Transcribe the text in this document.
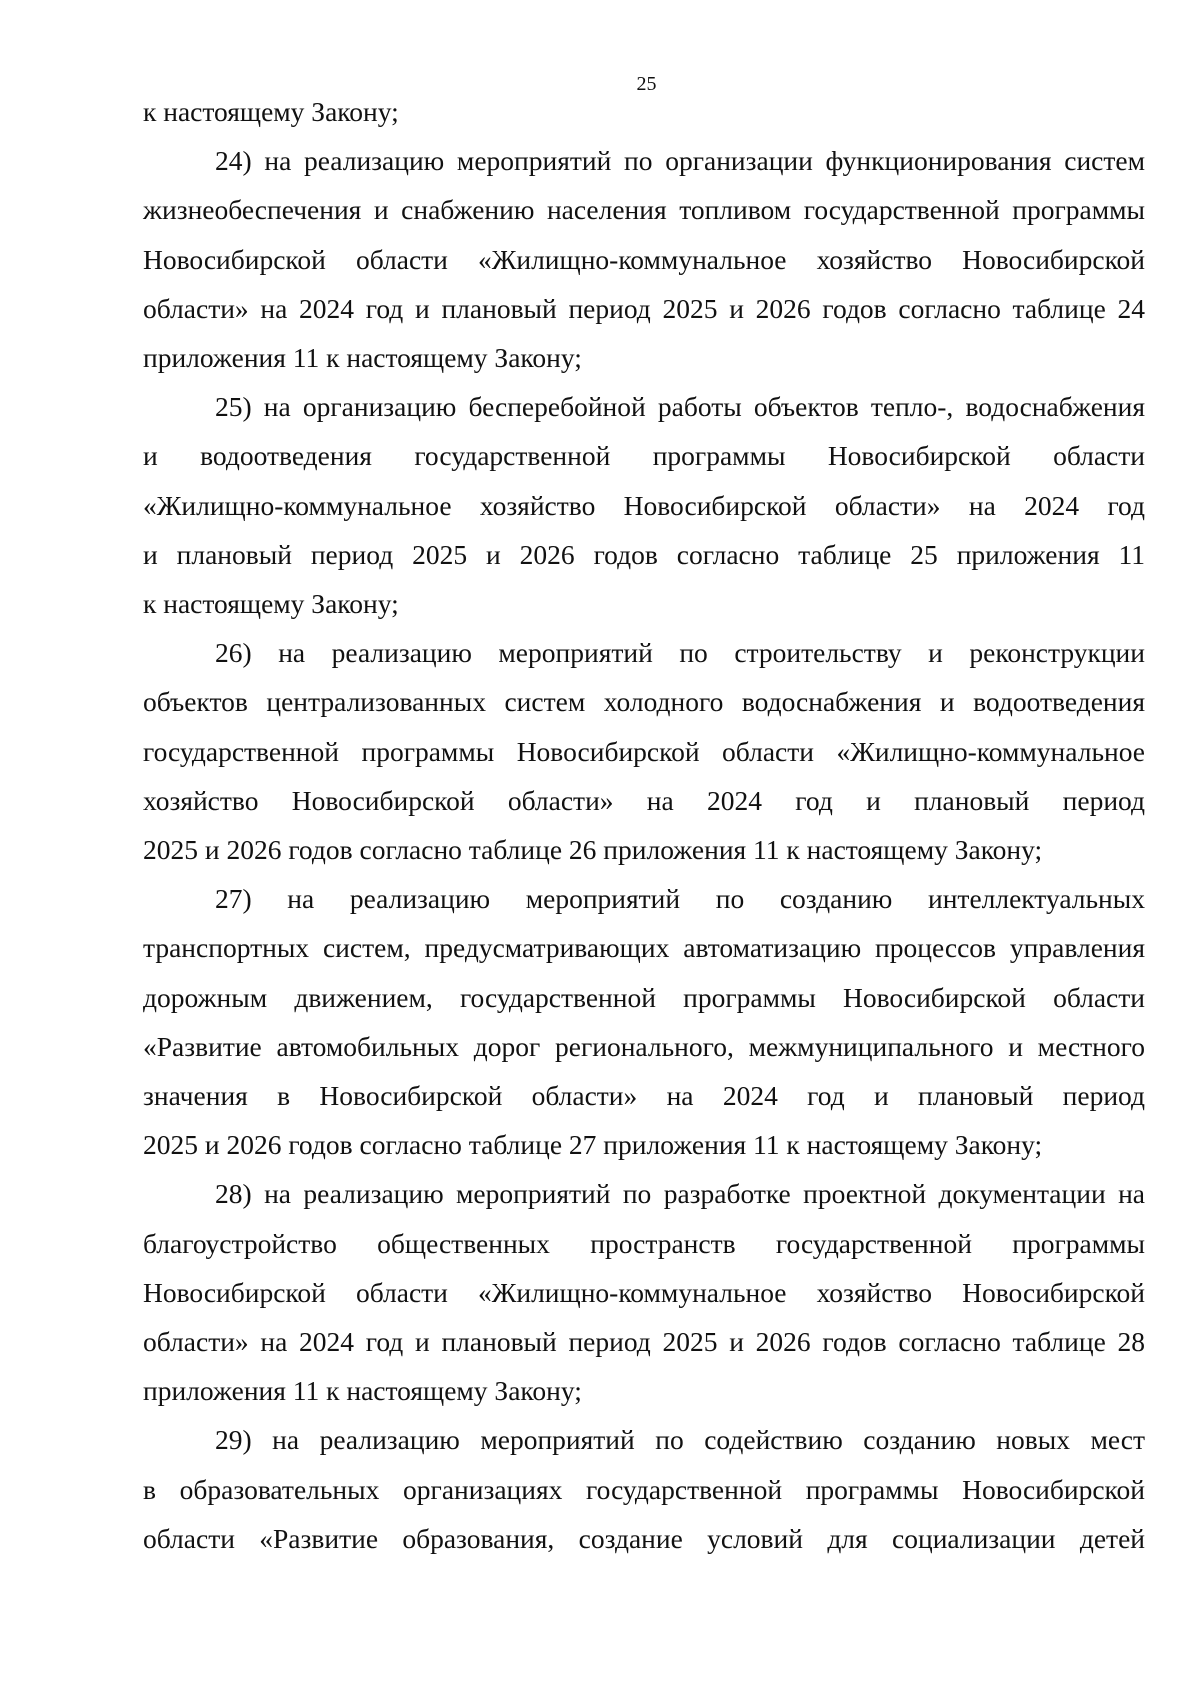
25
к настоящему Закону;
24) на реализацию мероприятий по организации функционирования систем
жизнеобеспечения и снабжению населения топливом государственной программы
Новосибирской области «Жилищно-коммунальное хозяйство Новосибирской
области» на 2024 год и плановый период 2025 и 2026 годов согласно таблице 24
приложения 11 к настоящему Закону;
25) на организацию бесперебойной работы объектов тепло-, водоснабжения
и водоотведения государственной программы Новосибирской области
«Жилищно-коммунальное хозяйство Новосибирской области» на 2024 год
и плановый период 2025 и 2026 годов согласно таблице 25 приложения 11
к настоящему Закону;
26) на реализацию мероприятий по строительству и реконструкции
объектов централизованных систем холодного водоснабжения и водоотведения
государственной программы Новосибирской области «Жилищно-коммунальное
хозяйство Новосибирской области» на 2024 год и плановый период
2025 и 2026 годов согласно таблице 26 приложения 11 к настоящему Закону;
27) на реализацию мероприятий по созданию интеллектуальных
транспортных систем, предусматривающих автоматизацию процессов управления
дорожным движением, государственной программы Новосибирской области
«Развитие автомобильных дорог регионального, межмуниципального и местного
значения в Новосибирской области» на 2024 год и плановый период
2025 и 2026 годов согласно таблице 27 приложения 11 к настоящему Закону;
28) на реализацию мероприятий по разработке проектной документации на
благоустройство общественных пространств государственной программы
Новосибирской области «Жилищно-коммунальное хозяйство Новосибирской
области» на 2024 год и плановый период 2025 и 2026 годов согласно таблице 28
приложения 11 к настоящему Закону;
29) на реализацию мероприятий по содействию созданию новых мест
в образовательных организациях государственной программы Новосибирской
области «Развитие образования, создание условий для социализации детей
